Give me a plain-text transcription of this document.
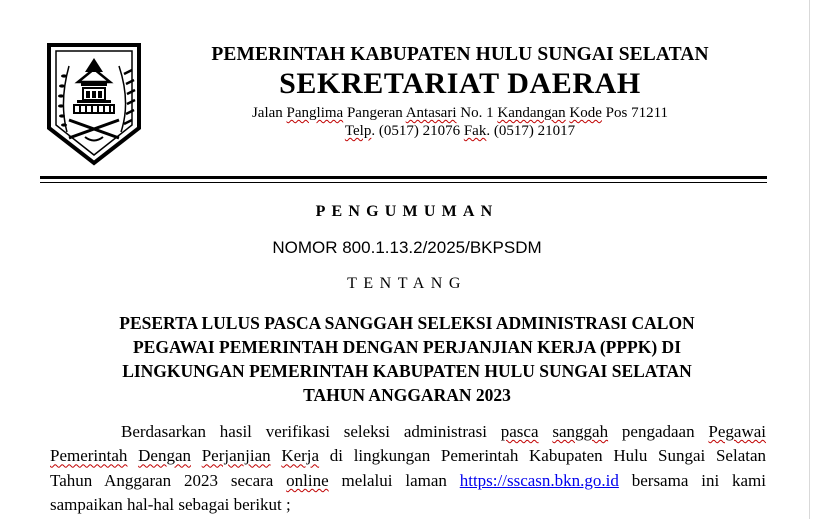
PEMERINTAH KABUPATEN HULU SUNGAI SELATAN
SEKRETARIAT DAERAH
Jalan Panglima Pangeran Antasari No. 1 Kandangan Kode Pos 71211
Telp. (0517) 21076 Fak. (0517) 21017
PENGUMUMAN
NOMOR 800.1.13.2/2025/BKPSDM
TENTANG
PESERTA LULUS PASCA SANGGAH SELEKSI ADMINISTRASI CALON
PEGAWAI PEMERINTAH DENGAN PERJANJIAN KERJA (PPPK) DI
LINGKUNGAN PEMERINTAH KABUPATEN HULU SUNGAI SELATAN
TAHUN ANGGARAN 2023
Berdasarkan hasil verifikasi seleksi administrasi pasca sanggah pengadaan Pegawai
Pemerintah Dengan Perjanjian Kerja di lingkungan Pemerintah Kabupaten Hulu Sungai Selatan
Tahun Anggaran 2023 secara online melalui laman https://sscasn.bkn.go.id bersama ini kami
sampaikan hal-hal sebagai berikut ;
